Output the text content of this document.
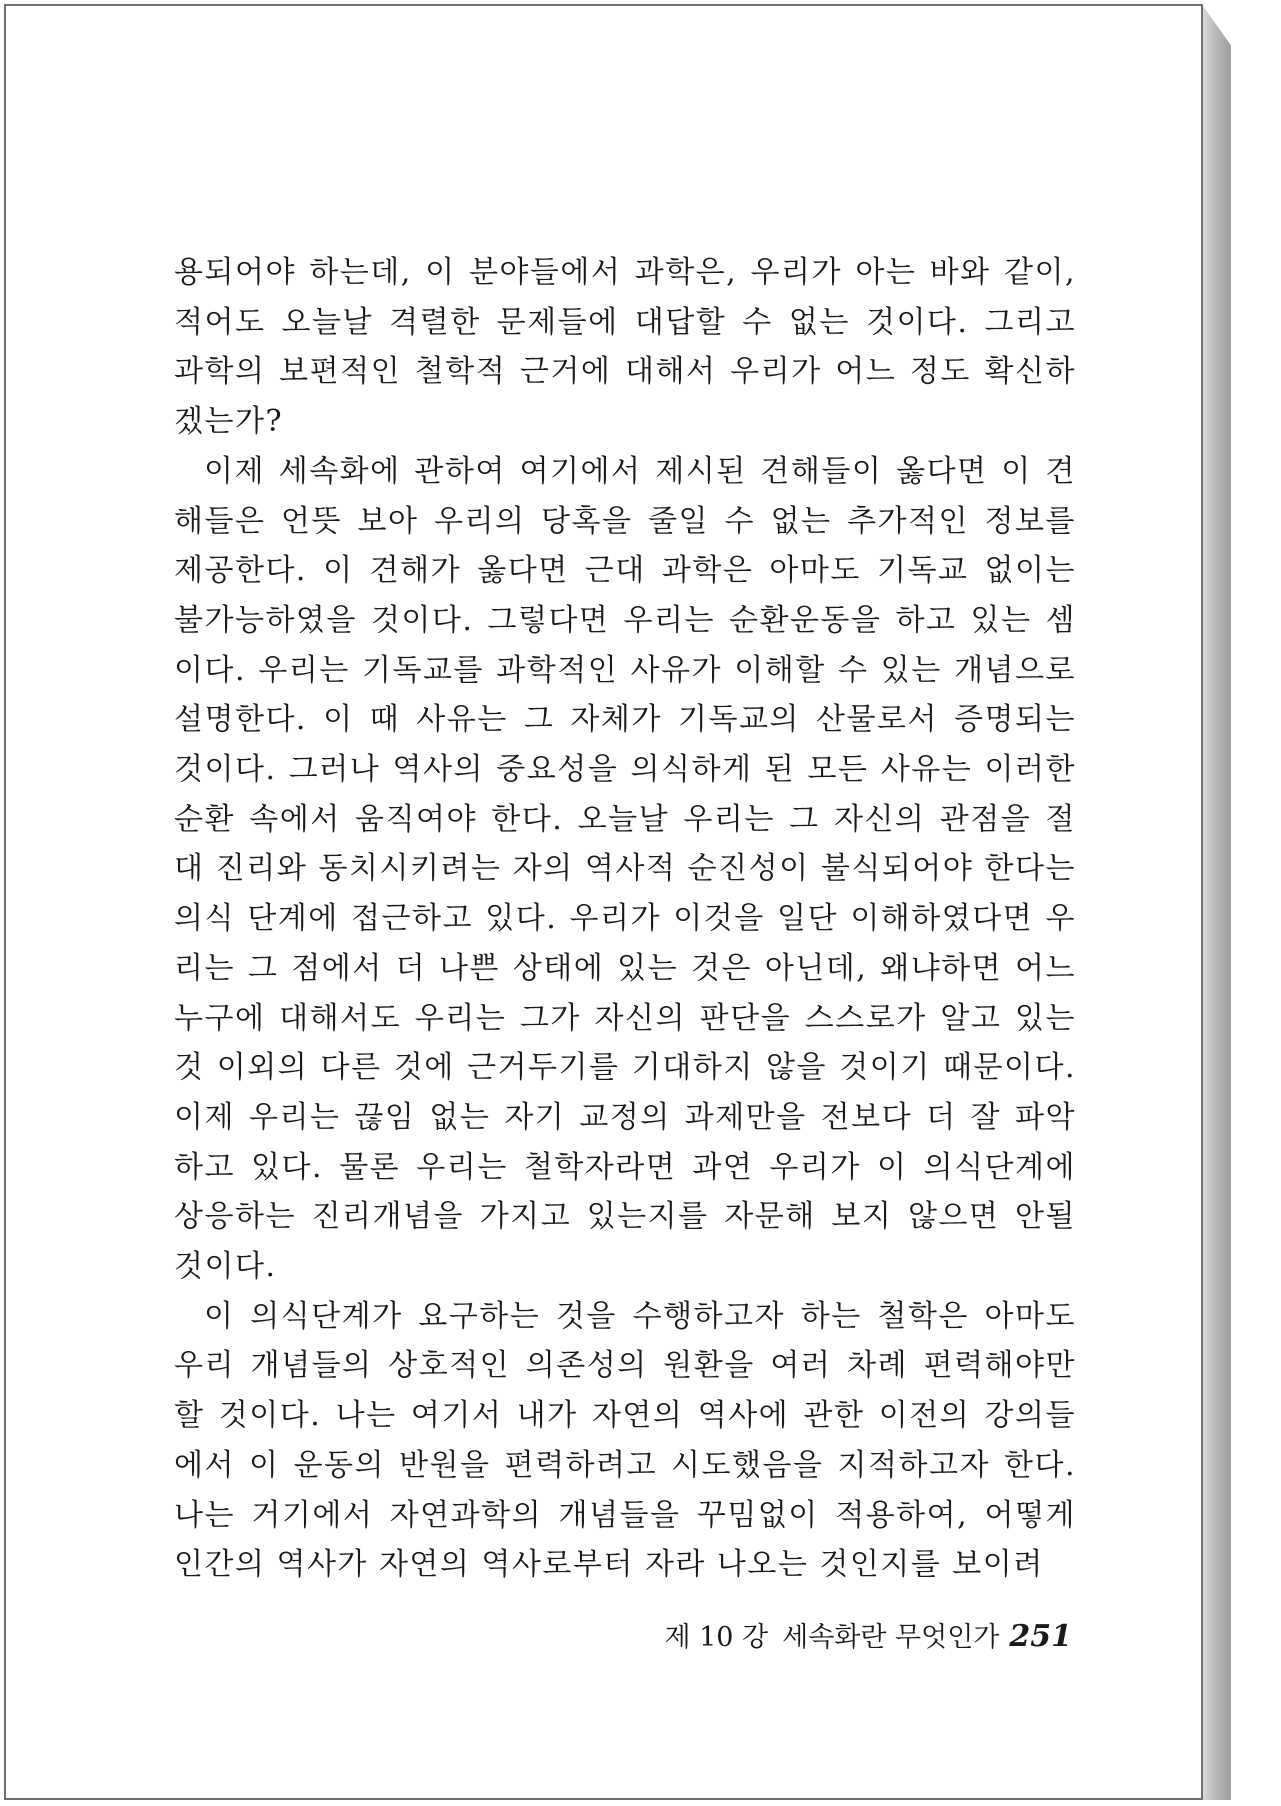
용되어야 하는데, 이 분야들에서 과학은, 우리가 아는 바와 같이, 적어도 오늘날 격렬한 문제들에 대답할 수 없는 것이다. 그리고 과학의 보편적인 철학적 근거에 대해서 우리가 어느 정도 확신하겠는가?

이제 세속화에 관하여 여기에서 제시된 견해들이 옳다면 이 견해들은 언뜻 보아 우리의 당혹을 줄일 수 없는 추가적인 정보를 제공한다. 이 견해가 옳다면 근대 과학은 아마도 기독교 없이는 불가능하였을 것이다. 그렇다면 우리는 순환운동을 하고 있는 셈이다. 우리는 기독교를 과학적인 사유가 이해할 수 있는 개념으로 설명한다. 이 때 사유는 그 자체가 기독교의 산물로서 증명되는 것이다. 그러나 역사의 중요성을 의식하게 된 모든 사유는 이러한 순환 속에서 움직여야 한다. 오늘날 우리는 그 자신의 관점을 절대 진리와 동치시키려는 자의 역사적 순진성이 불식되어야 한다는 의식 단계에 접근하고 있다. 우리가 이것을 일단 이해하였다면 우리는 그 점에서 더 나쁜 상태에 있는 것은 아닌데, 왜냐하면 어느 누구에 대해서도 우리는 그가 자신의 판단을 스스로가 알고 있는 것 이외의 다른 것에 근거두기를 기대하지 않을 것이기 때문이다. 이제 우리는 끊임 없는 자기 교정의 과제만을 전보다 더 잘 파악하고 있다. 물론 우리는 철학자라면 과연 우리가 이 의식단계에 상응하는 진리개념을 가지고 있는지를 자문해 보지 않으면 안될 것이다.

이 의식단계가 요구하는 것을 수행하고자 하는 철학은 아마도 우리 개념들의 상호적인 의존성의 원환을 여러 차례 편력해야만 할 것이다. 나는 여기서 내가 자연의 역사에 관한 이전의 강의들에서 이 운동의 반원을 편력하려고 시도했음을 지적하고자 한다. 나는 거기에서 자연과학의 개념들을 꾸밈없이 적용하여, 어떻게 인간의 역사가 자연의 역사로부터 자라 나오는 것인지를 보이려

제 10 강 세속화란 무엇인가 251
